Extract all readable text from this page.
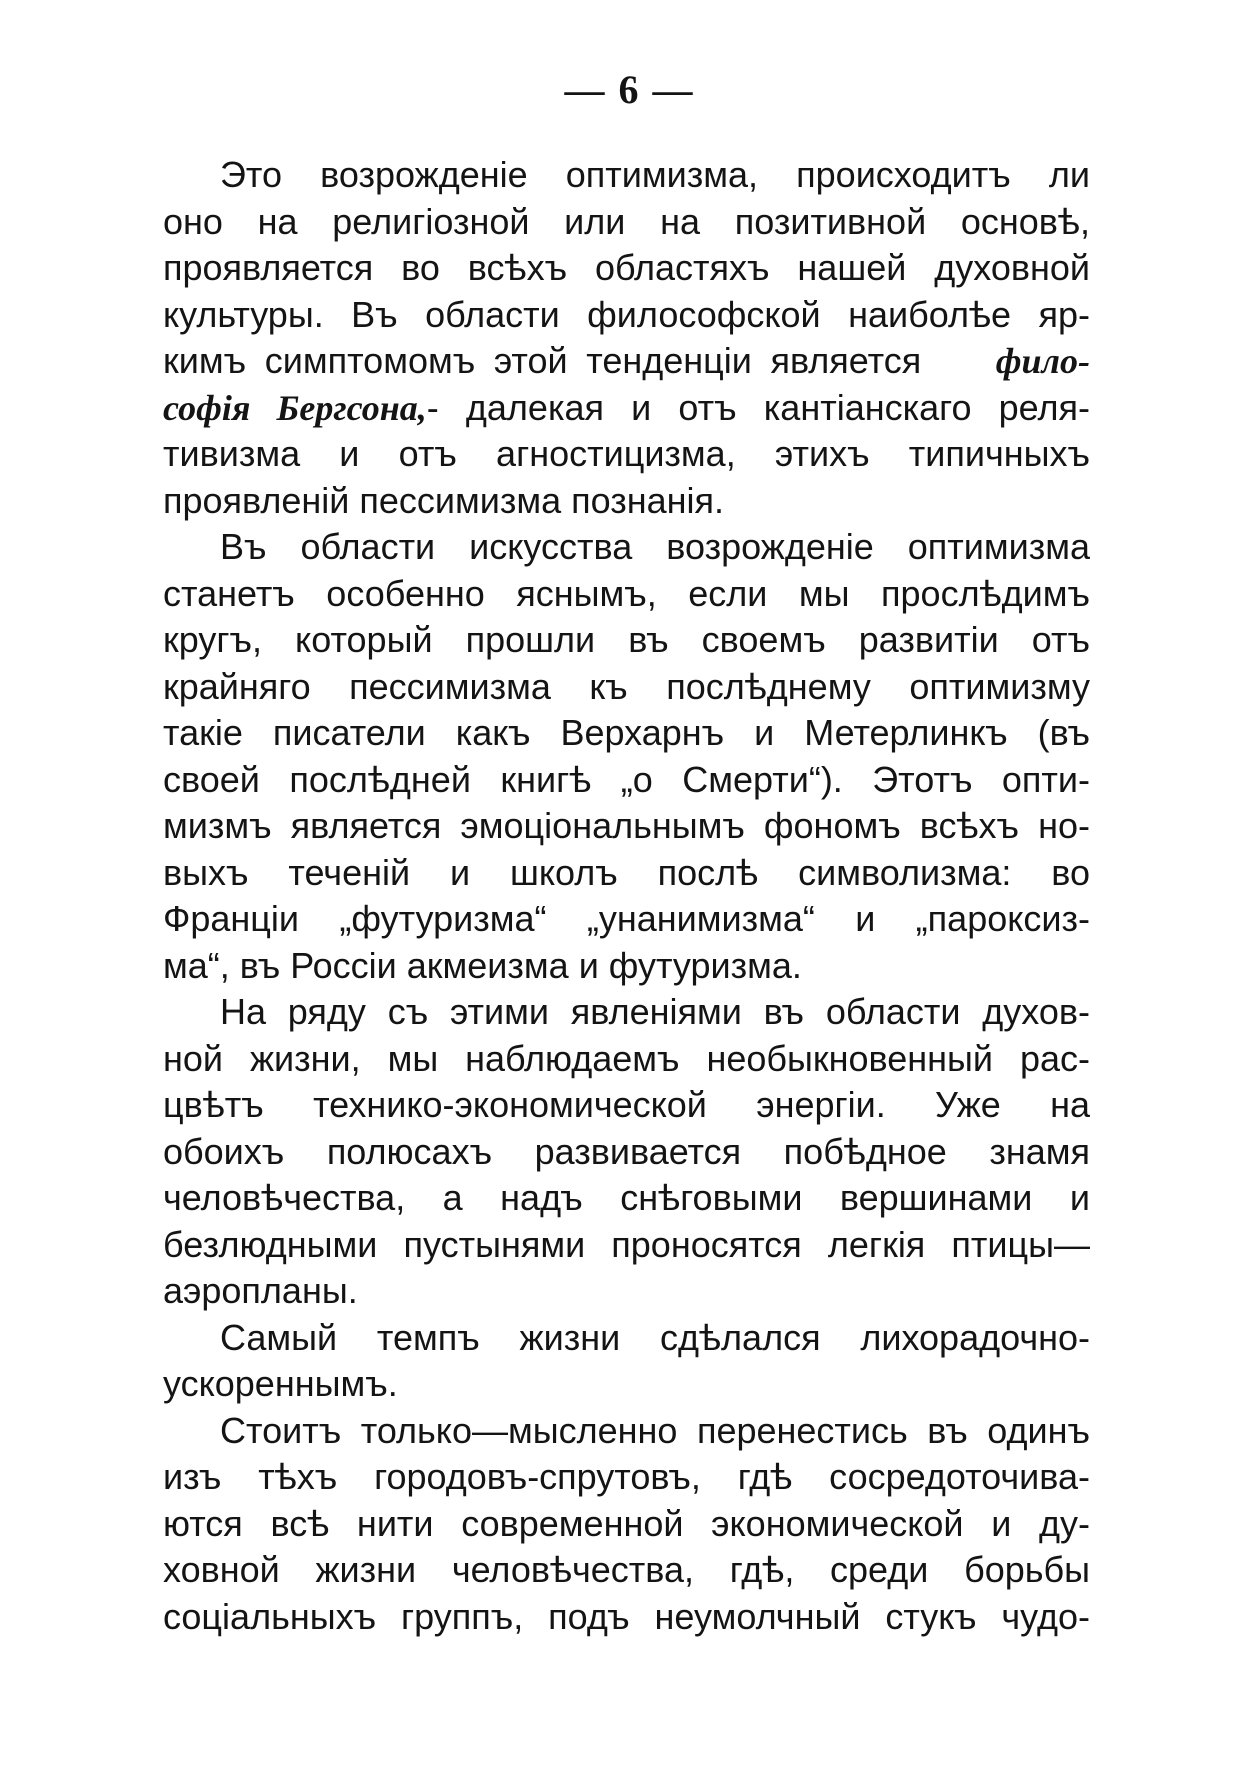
— 6 —
Это возрожденіе оптимизма, происходитъ ли
оно на религіозной или на позитивной основѣ,
проявляется во всѣхъ областяхъ нашей духовной
культуры. Въ области философской наиболѣе яр-
кимъ симптомомъ этой тенденціи является фило-
софія Бергсона,- далекая и отъ кантіанскаго реля-
тивизма и отъ агностицизма, этихъ типичныхъ
проявленій пессимизма познанія.
Въ области искусства возрожденіе оптимизма
станетъ особенно яснымъ, если мы прослѣдимъ
кругъ, который прошли въ своемъ развитіи отъ
крайняго пессимизма къ послѣднему оптимизму
такіе писатели какъ Верхарнъ и Метерлинкъ (въ
своей послѣдней книгѣ „о Смерти“). Этотъ опти-
мизмъ является эмоціональнымъ фономъ всѣхъ но-
выхъ теченій и школъ послѣ символизма: во
Франціи „футуризма“ „унанимизма“ и „пароксиз-
ма“, въ Россіи акмеизма и футуризма.
На ряду съ этими явленіями въ области духов-
ной жизни, мы наблюдаемъ необыкновенный рас-
цвѣтъ технико-экономической энергіи. Уже на
обоихъ полюсахъ развивается побѣдное знамя
человѣчества, а надъ снѣговыми вершинами и
безлюдными пустынями проносятся легкія птицы—
аэропланы.
Самый темпъ жизни сдѣлался лихорадочно-
ускореннымъ.
Стоитъ только—мысленно перенестись въ одинъ
изъ тѣхъ городовъ-спрутовъ, гдѣ сосредоточива-
ются всѣ нити современной экономической и ду-
ховной жизни человѣчества, гдѣ, среди борьбы
соціальныхъ группъ, подъ неумолчный стукъ чудо-
